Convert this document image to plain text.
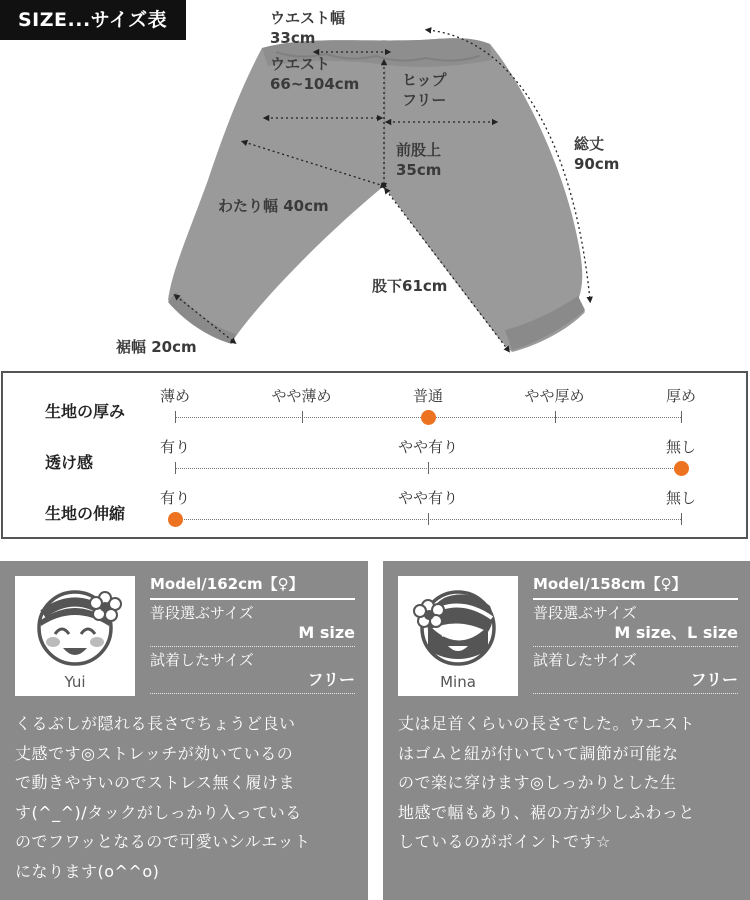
SIZE...サイズ表	ウエスト幅
33cm
ウエスト
66~104cm	ヒップ
フリー
前股上
35cm
総丈
90cm
わたり幅 40cm
股下61cm
裾幅 20cm
生地の厚み
薄め	やや薄め	普通	やや厚め	厚め
透け感
有り	やや有り	無し
生地の伸縮
有り	やや有り	無し
Yui
Model/162cm【♀】
普段選ぶサイズ
M size
試着したサイズ
フリー
くるぶしが隠れる長さでちょうど良い
丈感です◎ストレッチが効いているの
で動きやすいのでストレス無く履けま
す(^_^)/タックがしっかり入っている
のでフワッとなるので可愛いシルエット
になります(o^^o)
Mina
Model/158cm【♀】
普段選ぶサイズ
M size、L size
試着したサイズ
フリー
丈は足首くらいの長さでした。ウエスト
はゴムと紐が付いていて調節が可能な
ので楽に穿けます◎しっかりとした生
地感で幅もあり、裾の方が少しふわっと
しているのがポイントです☆
